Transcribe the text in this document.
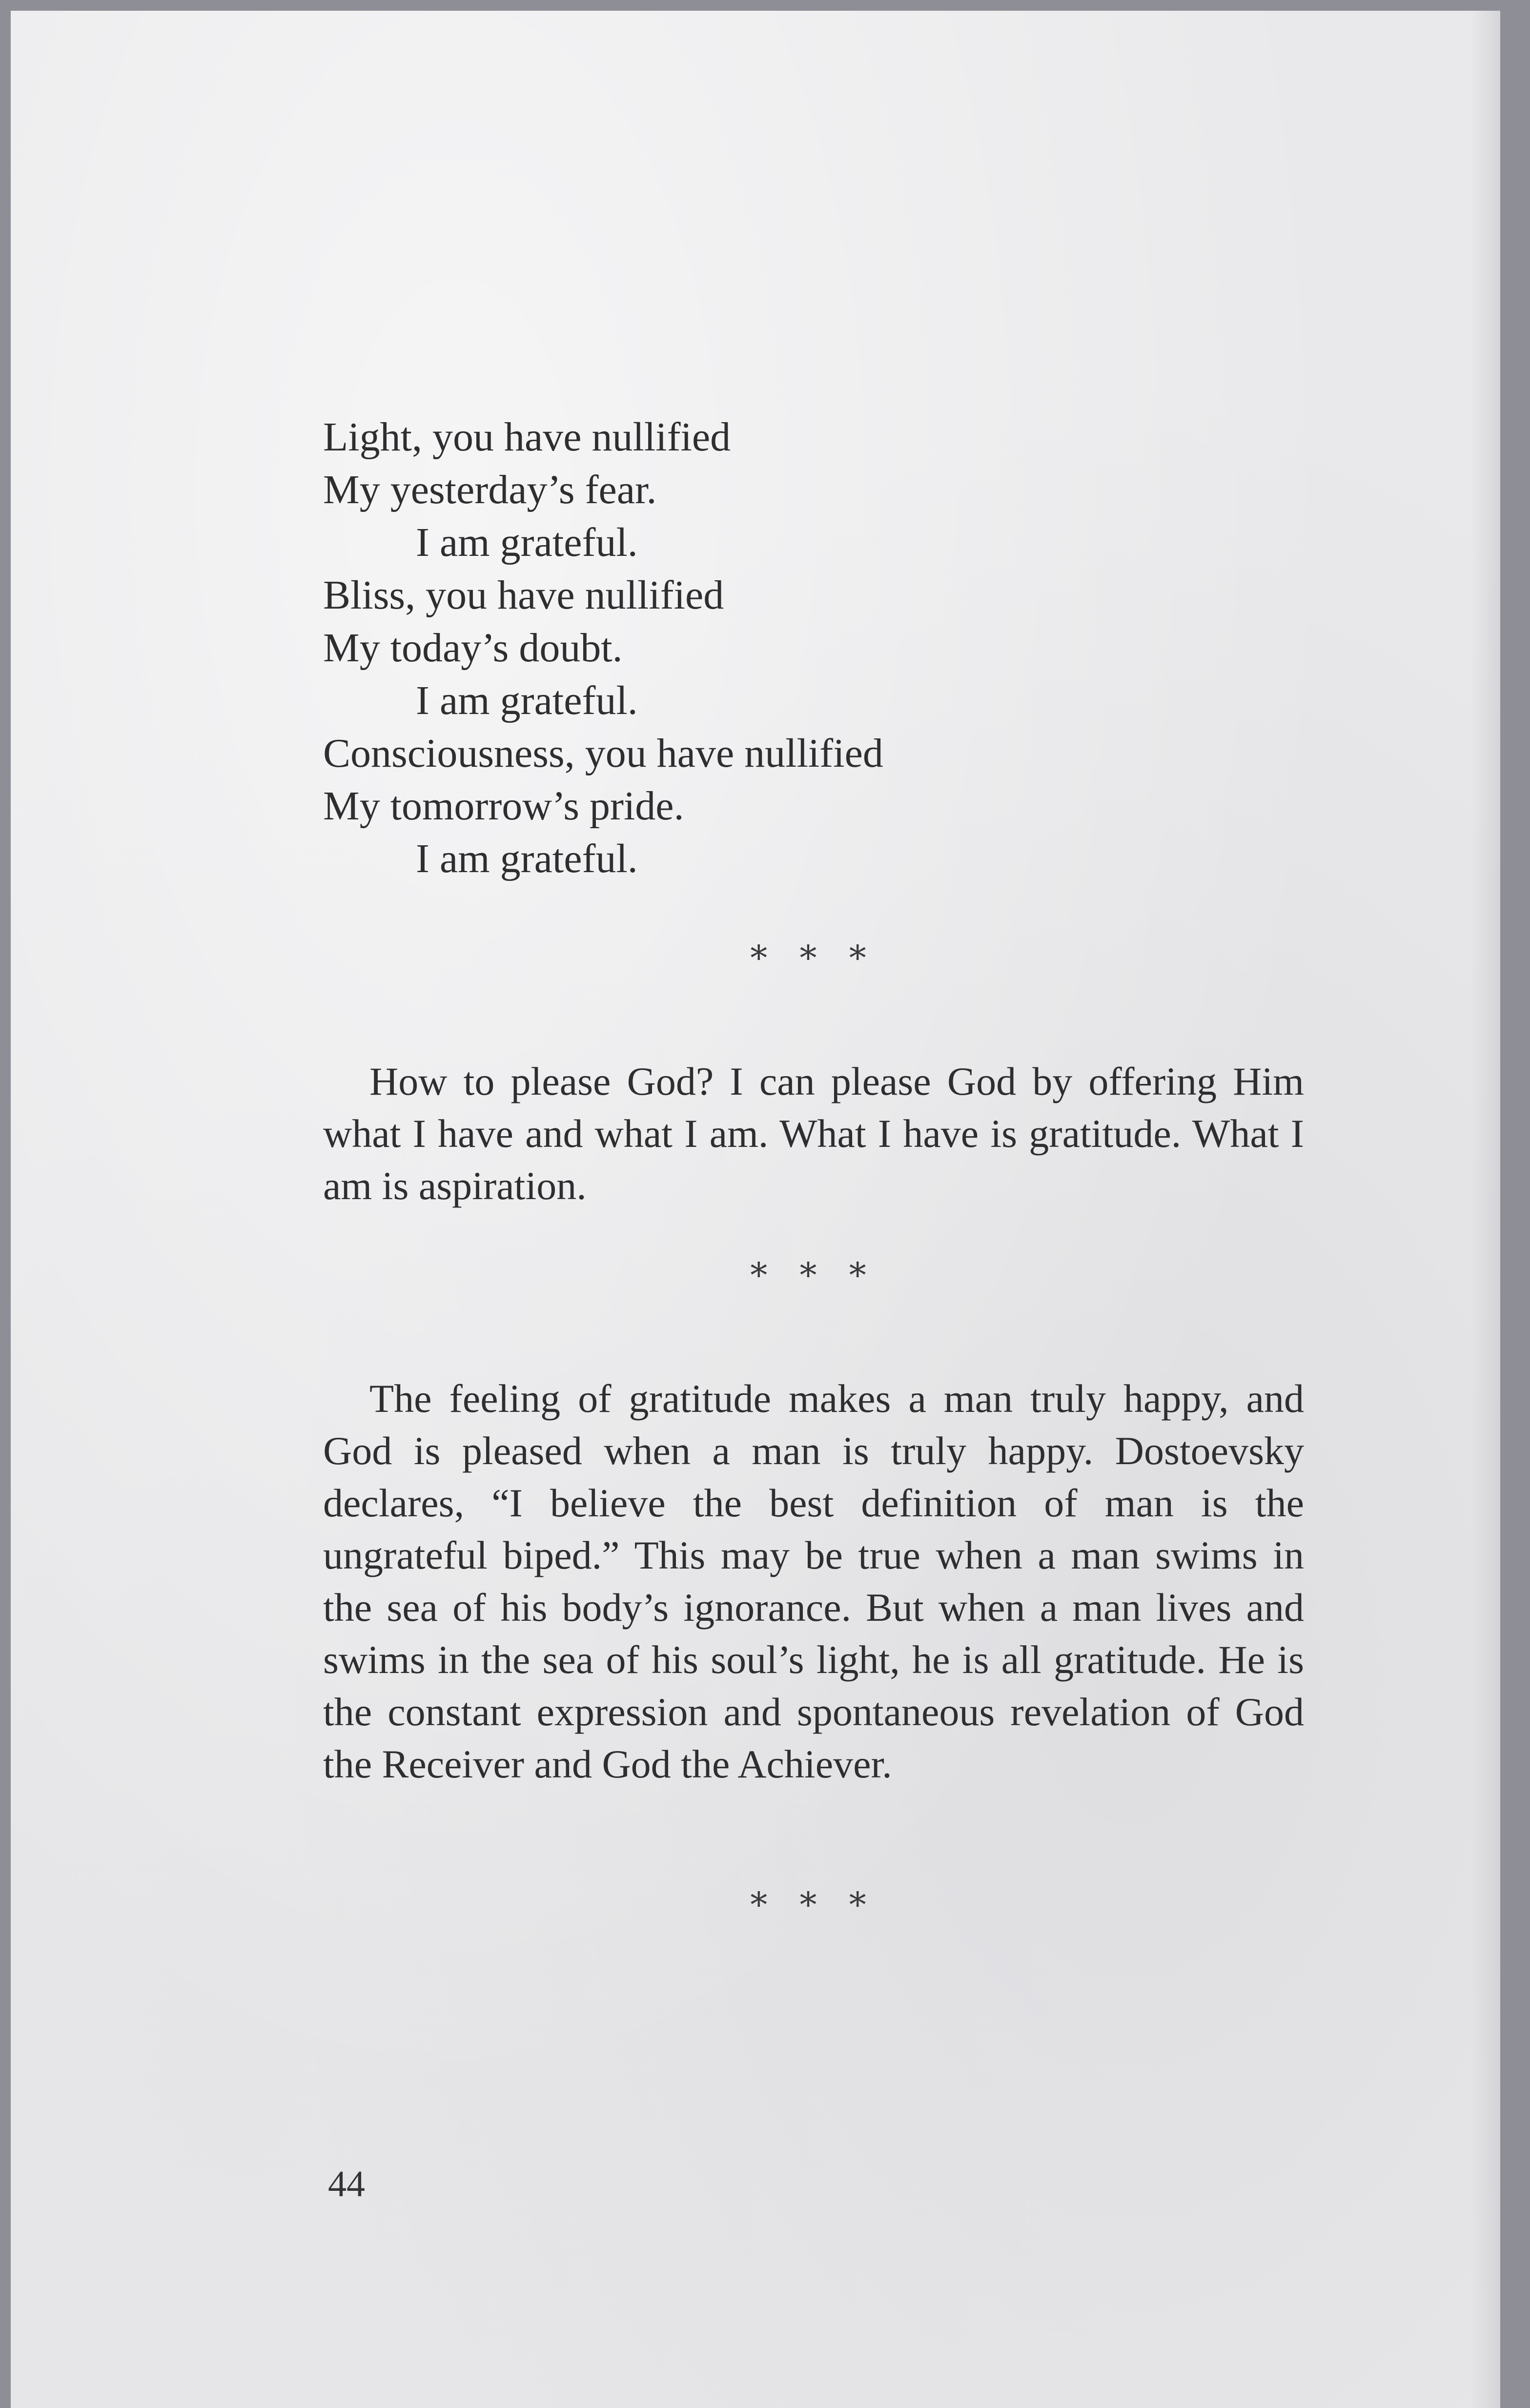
Light, you have nullified
My yesterday’s fear.
I am grateful.
Bliss, you have nullified
My today’s doubt.
I am grateful.
Consciousness, you have nullified
My tomorrow’s pride.
I am grateful.
* * *

How to please God? I can please God by offering Him what I have and what I am. What I have is gratitude. What I am is aspiration.

* * *

The feeling of gratitude makes a man truly happy, and God is pleased when a man is truly happy. Dostoevsky declares, “I believe the best definition of man is the ungrateful biped.” This may be true when a man swims in the sea of his body’s ignorance. But when a man lives and swims in the sea of his soul’s light, he is all gratitude. He is the constant expression and spontaneous revelation of God the Receiver and God the Achiever.

* * *
44
